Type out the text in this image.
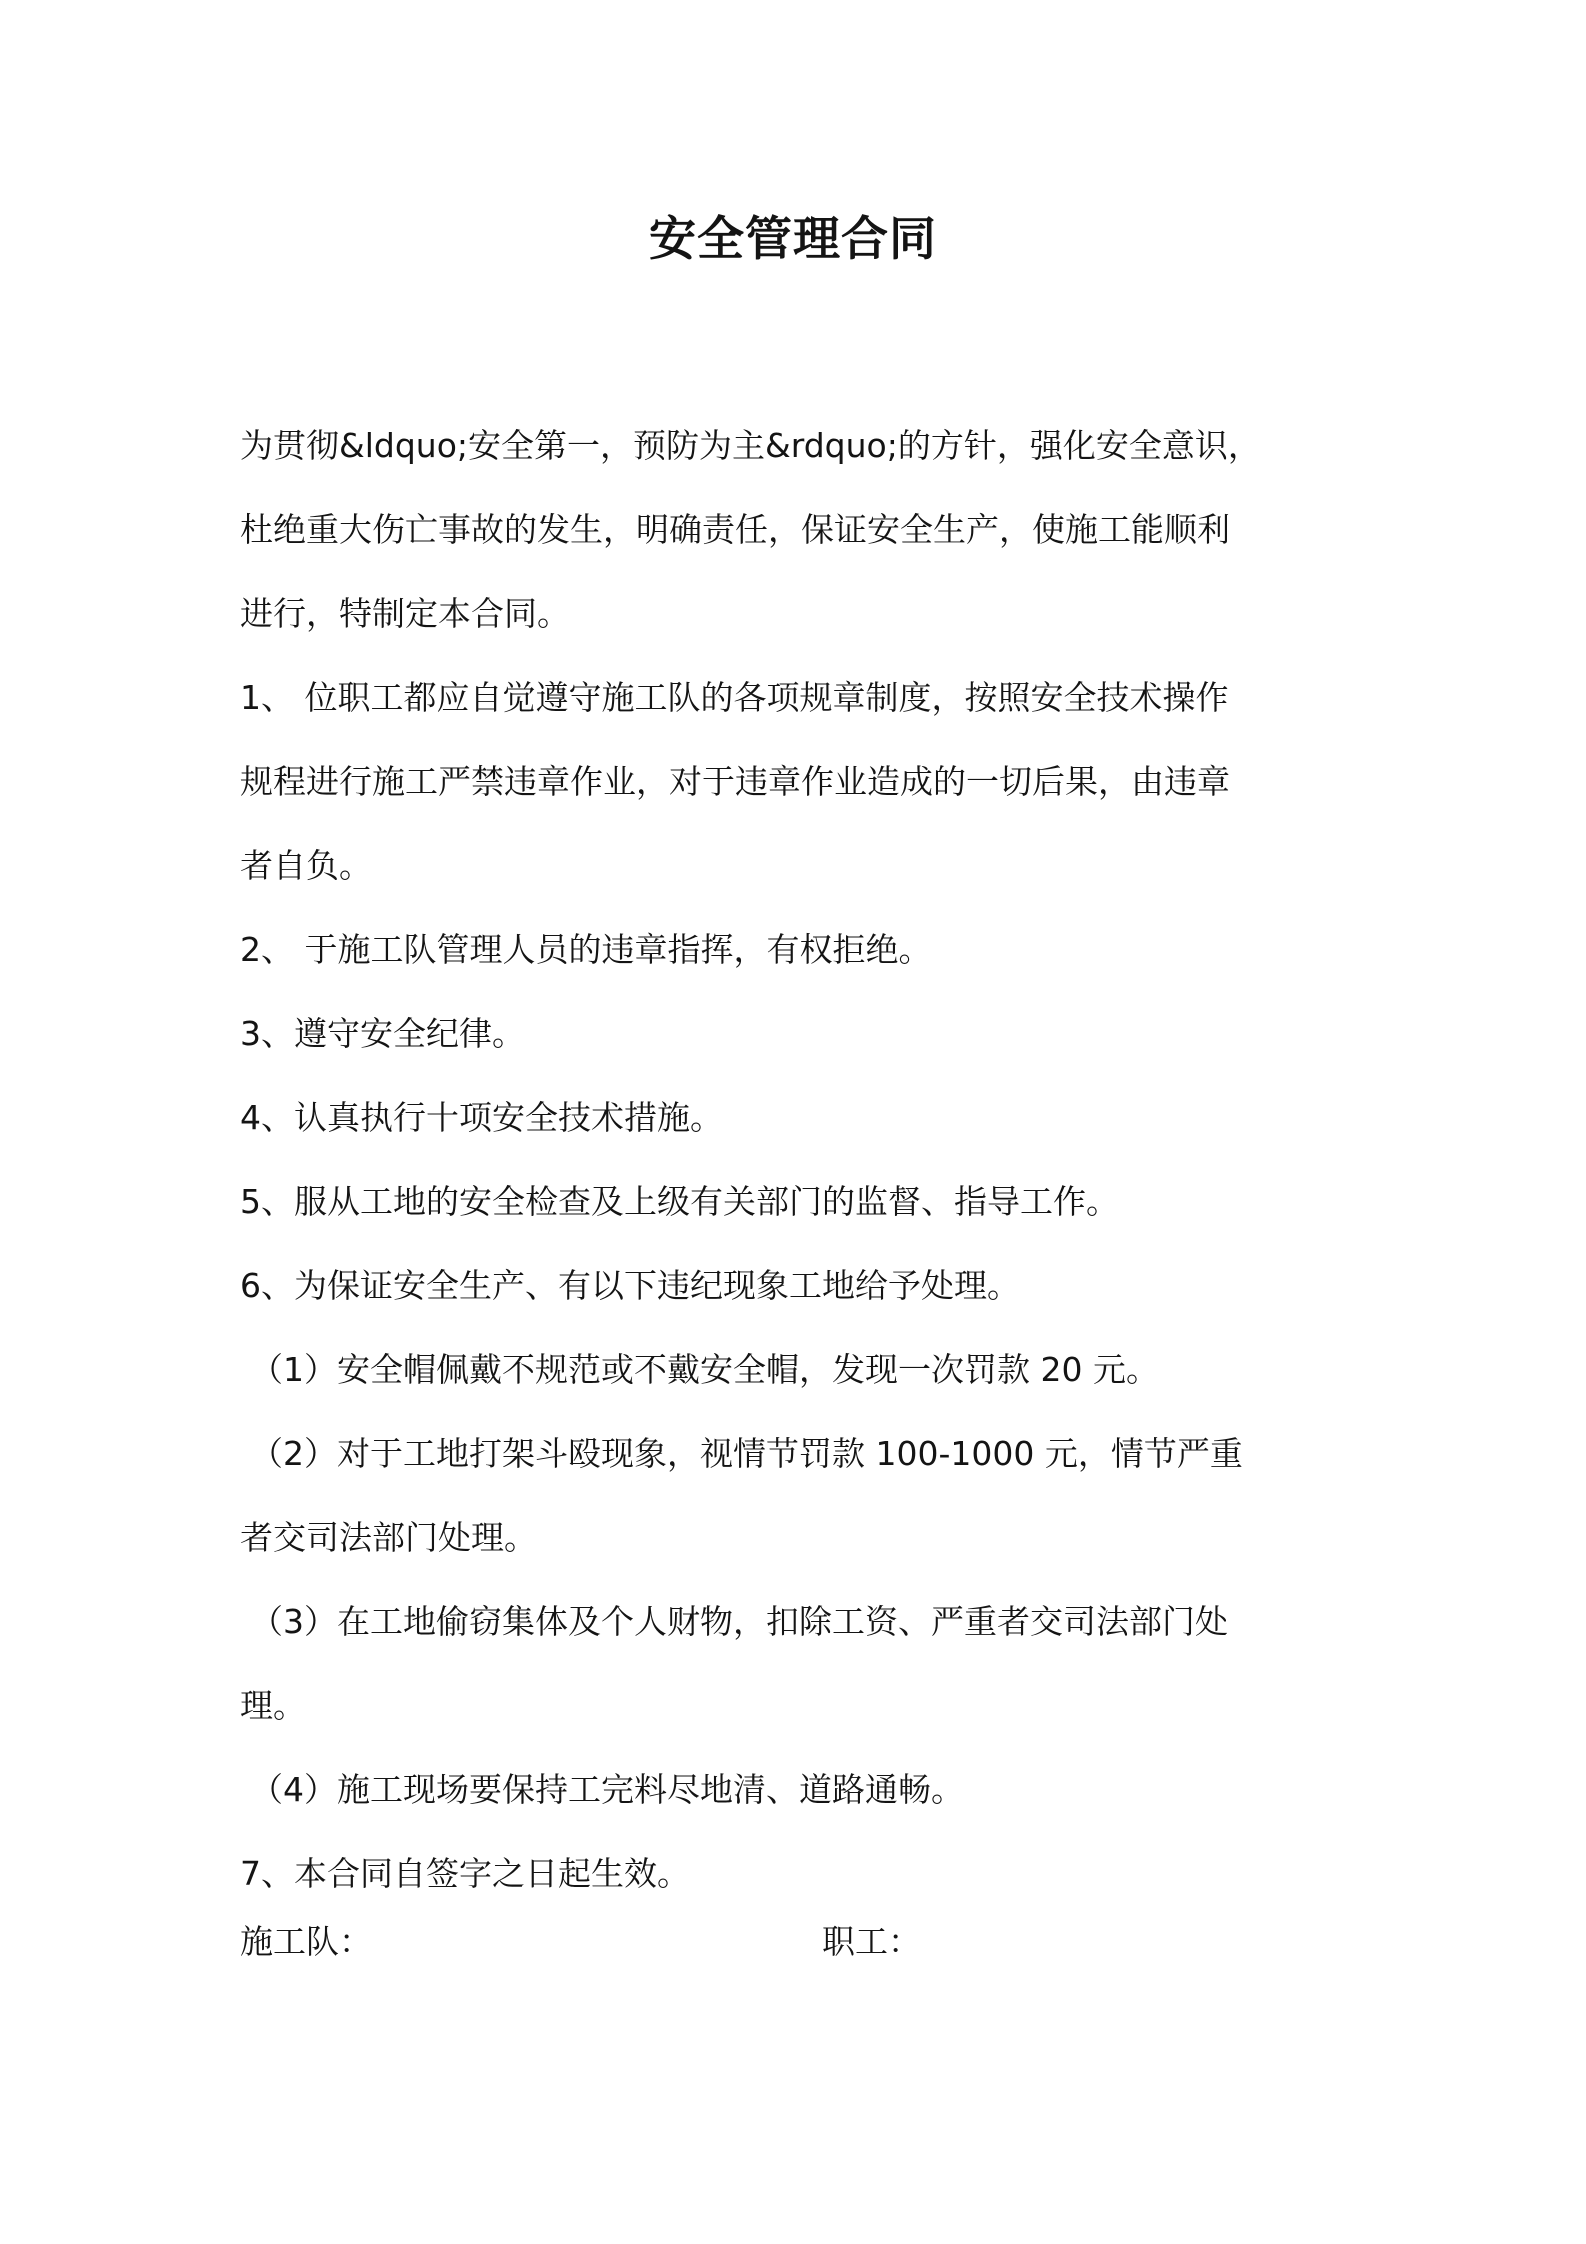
安全管理合同

为贯彻&ldquo;安全第一，预防为主&rdquo;的方针，强化安全意识，

杜绝重大伤亡事故的发生，明确责任，保证安全生产，使施工能顺利

进行，特制定本合同。

1、 位职工都应自觉遵守施工队的各项规章制度，按照安全技术操作

规程进行施工严禁违章作业，对于违章作业造成的一切后果，由违章

者自负。

2、 于施工队管理人员的违章指挥，有权拒绝。

3、遵守安全纪律。

4、认真执行十项安全技术措施。

5、服从工地的安全检查及上级有关部门的监督、指导工作。

6、为保证安全生产、有以下违纪现象工地给予处理。

（1）安全帽佩戴不规范或不戴安全帽，发现一次罚款 20 元。

（2）对于工地打架斗殴现象，视情节罚款 100-1000 元，情节严重

者交司法部门处理。

（3）在工地偷窃集体及个人财物，扣除工资、严重者交司法部门处

理。

（4）施工现场要保持工完料尽地清、道路通畅。

7、本合同自签字之日起生效。

施工队：	职工：
